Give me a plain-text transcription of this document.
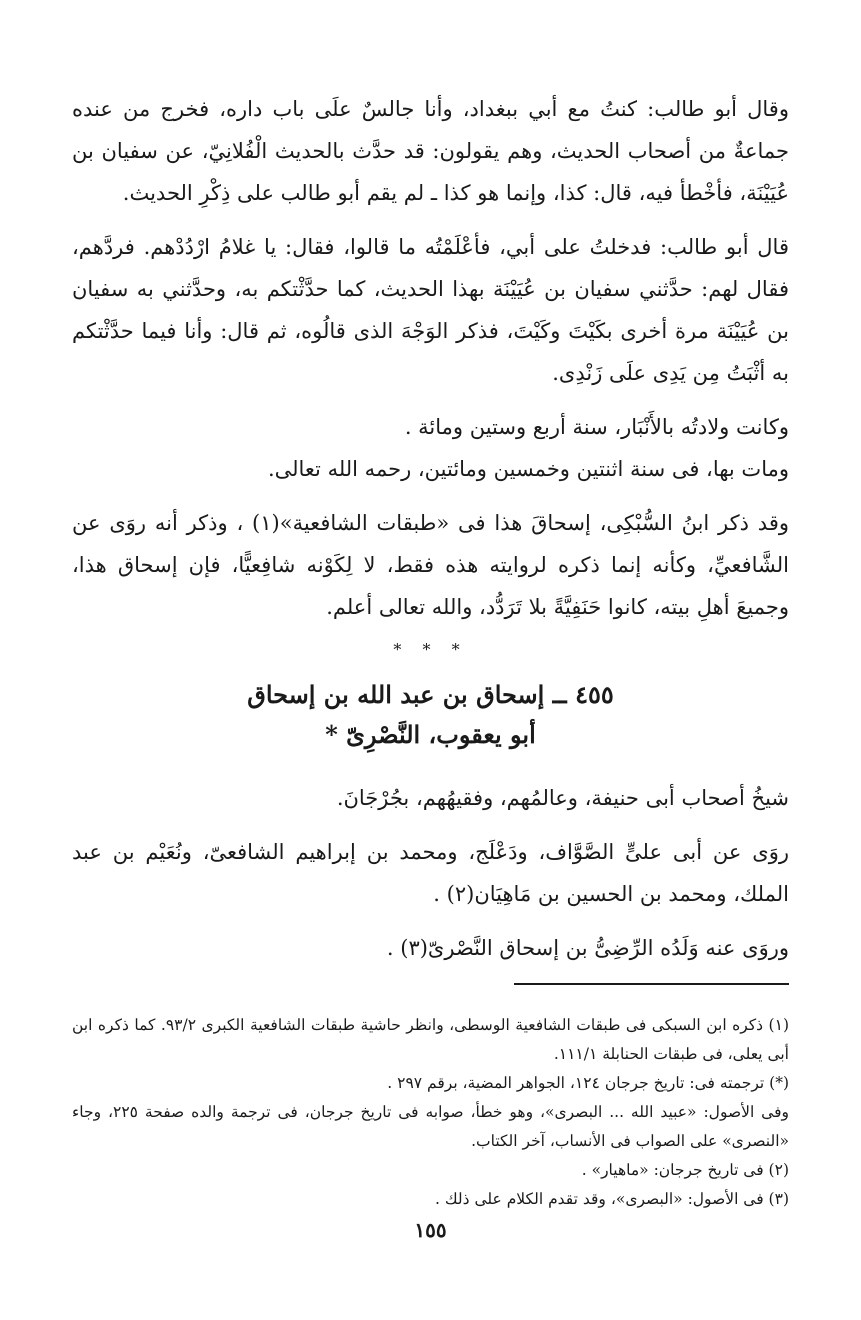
وقال أبو طالب: كنتُ مع أبي ببغداد، وأنا جالسٌ علَى باب داره، فخرج من عنده جماعةٌ من أصحاب الحديث، وهم يقولون: قد حدَّث بالحديث الْفُلانِيّ، عن سفيان بن عُيَيْنَة، فأخْطأ فيه، قال: كذا، وإنما هو كذا ـ لم يقم أبو طالب على ذِكْرِ الحديث.

قال أبو طالب: فدخلتُ على أبي، فأعْلَمْتُه ما قالوا، فقال: يا غلامُ ارْدُدْهم. فردَّهم، فقال لهم: حدَّثني سفيان بن عُيَيْنَة بهذا الحديث، كما حدَّثْتكم به، وحدَّثني به سفيان بن عُيَيْنَة مرة أخرى بكَيْتَ وكَيْتَ، فذكر الوَجْهَ الذى قالُوه، ثم قال: وأنا فيما حدَّثْتكم به أثْبَتُ مِن يَدِى علَى زَنْدِى.

وكانت ولادتُه بالأَنْبَار، سنة أربع وستين ومائة .

ومات بها، فى سنة اثنتين وخمسين ومائتين، رحمه الله تعالى.

وقد ذكر ابنُ السُّبْكِى، إسحاقَ هذا فى «طبقات الشافعية»(١) ، وذكر أنه روَى عن الشَّافعيِّ، وكأنه إنما ذكره لروايته هذه فقط، لا لِكَوْنه شافِعيًّا، فإن إسحاق هذا، وجميعَ أهلِ بيته، كانوا حَنَفِيَّةً بلا تَرَدُّد، والله تعالى أعلم.

* * *
٤٥٥ ــ إسحاق بن عبد الله بن إسحاق
أبو يعقوب، النَّصْرِىّ *

شيخُ أصحاب أبى حنيفة، وعالمُهم، وفقيهُهم، بجُرْجَانَ.

روَى عن أبى علىٍّ الصَّوَّاف، ودَعْلَج، ومحمد بن إبراهيم الشافعىّ، ونُعَيْم بن عبد الملك، ومحمد بن الحسين بن مَاهِيَان(٢) .

وروَى عنه وَلَدُه الرِّضِىُّ بن إسحاق النَّصْرىّ(٣) .

(١) ذكره ابن السبكى فى طبقات الشافعية الوسطى، وانظر حاشية طبقات الشافعية الكبرى ٩٣/٢. كما ذكره ابن أبى يعلى، فى طبقات الحنابلة ١١١/١.

(*) ترجمته فى: تاريخ جرجان ١٢٤، الجواهر المضية، برقم ٢٩٧ .

وفى الأصول: «عبيد الله ... البصرى»، وهو خطأ، صوابه فى تاريخ جرجان، فى ترجمة والده صفحة ٢٢٥، وجاء «النصرى» على الصواب فى الأنساب، آخر الكتاب.

(٢) فى تاريخ جرجان: «ماهيار» .

(٣) فى الأصول: «البصرى»، وقد تقدم الكلام على ذلك .

١٥٥
